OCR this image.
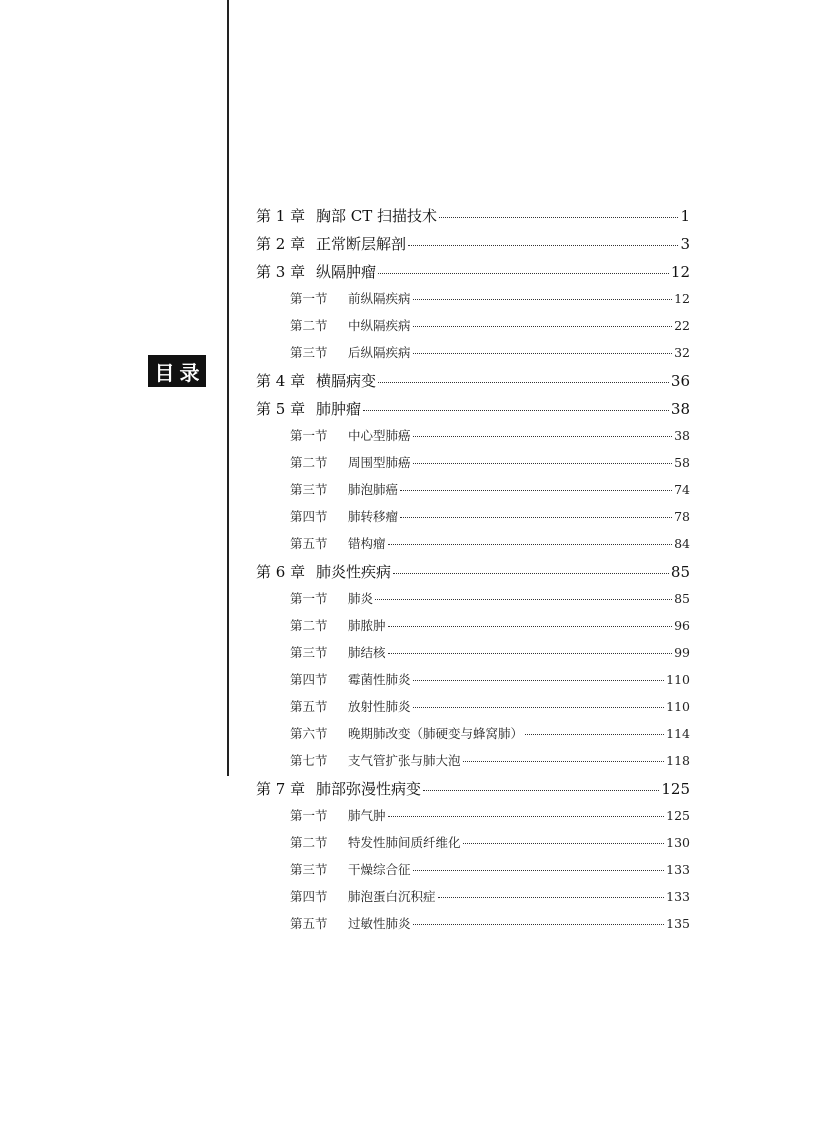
目 录
第 1 章 胸部 CT 扫描技术	1
第 2 章 正常断层解剖	3
第 3 章 纵隔肿瘤	12
第一节	前纵隔疾病	12
第二节	中纵隔疾病	22
第三节	后纵隔疾病	32
第 4 章 横膈病变	36
第 5 章 肺肿瘤	38
第一节	中心型肺癌	38
第二节	周围型肺癌	58
第三节	肺泡肺癌	74
第四节	肺转移瘤	78
第五节	错构瘤	84
第 6 章 肺炎性疾病	85
第一节	肺炎	85
第二节	肺脓肿	96
第三节	肺结核	99
第四节	霉菌性肺炎	110
第五节	放射性肺炎	110
第六节	晚期肺改变（肺硬变与蜂窝肺）	114
第七节	支气管扩张与肺大泡	118
第 7 章 肺部弥漫性病变	125
第一节	肺气肿	125
第二节	特发性肺间质纤维化	130
第三节	干燥综合征	133
第四节	肺泡蛋白沉积症	133
第五节	过敏性肺炎	135
